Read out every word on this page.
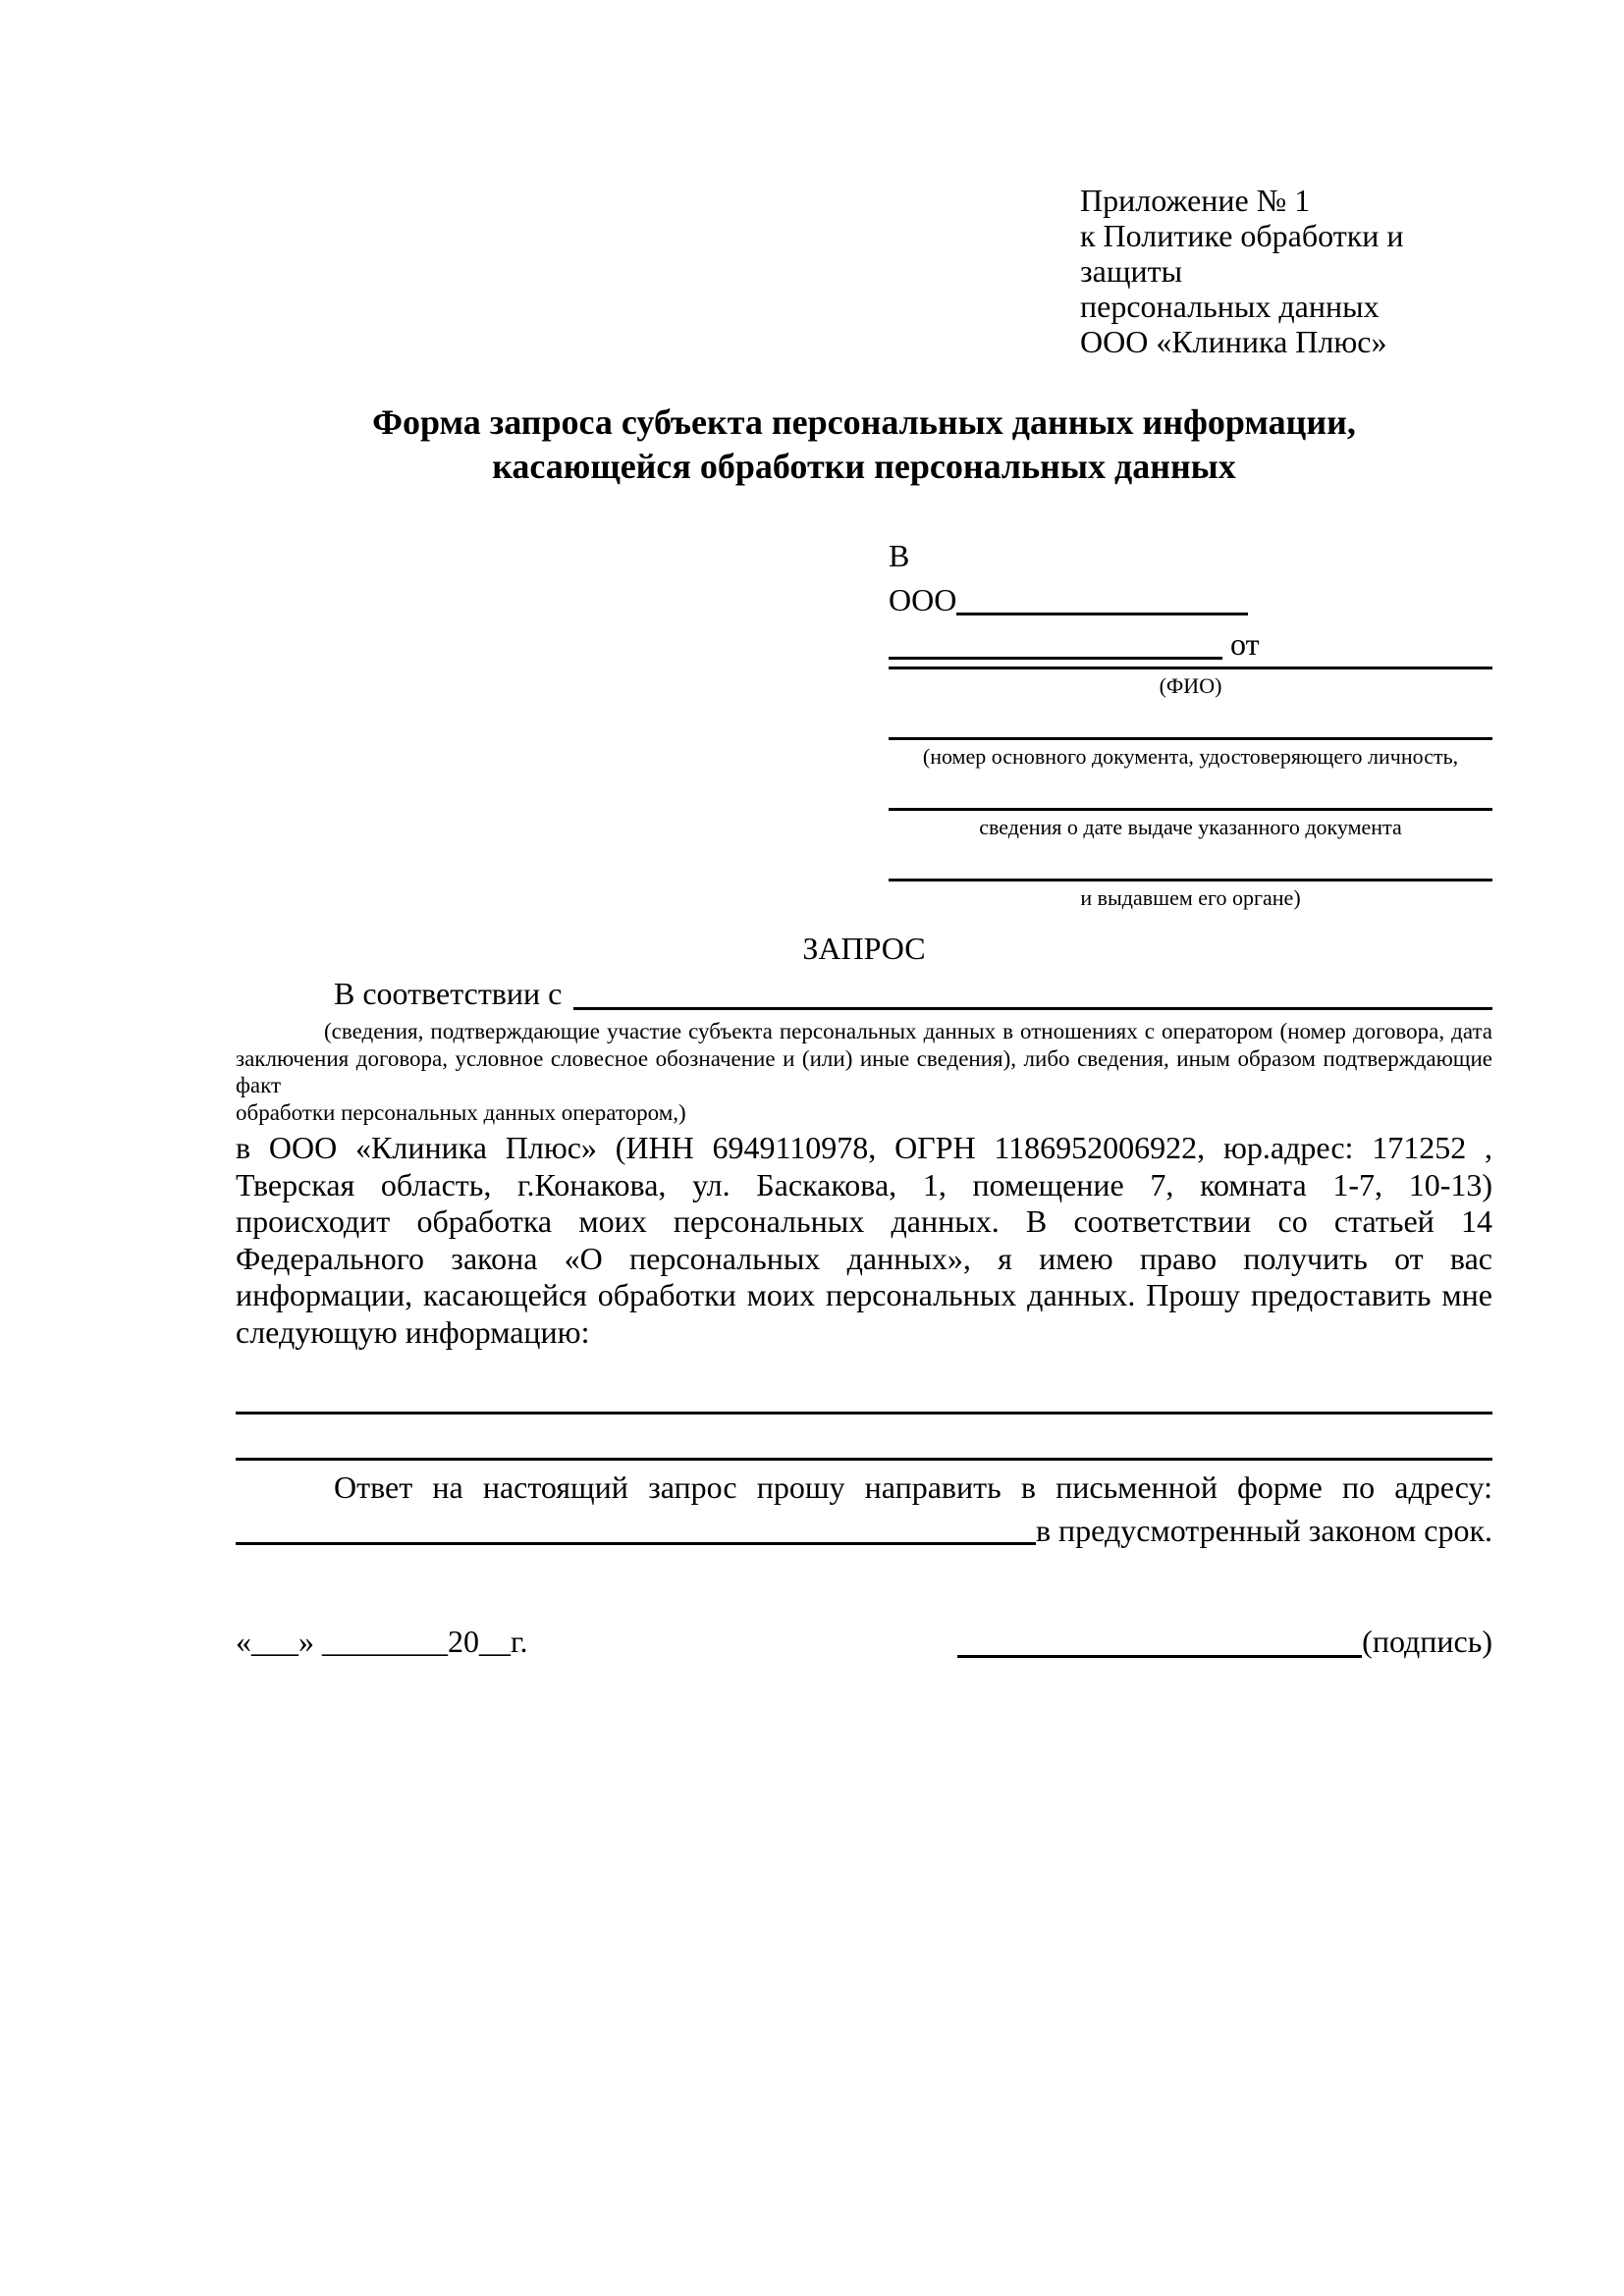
Приложение № 1
к Политике обработки и защиты
персональных данных
ООО «Клиника Плюс»
Форма запроса субъекта персональных данных информации,
касающейся обработки персональных данных
В
ООО
от
(ФИО)
(номер основного документа, удостоверяющего личность,
сведения о дате выдаче указанного документа
и выдавшем его органе)
ЗАПРОС
В соответствии с
(сведения, подтверждающие участие субъекта персональных данных в отношениях с оператором (номер договора, дата
заключения договора, условное словесное обозначение и (или) иные сведения), либо сведения, иным образом подтверждающие факт
обработки персональных данных оператором,)
в ООО «Клиника Плюс» (ИНН 6949110978, ОГРН 1186952006922, юр.адрес: 171252 ,
Тверская область, г.Конакова, ул. Баскакова, 1, помещение 7, комната 1-7, 10-13)
происходит обработка моих персональных данных. В соответствии со статьей 14
Федерального закона «О персональных данных», я имею право получить от вас
информации, касающейся обработки моих персональных данных. Прошу предоставить мне
следующую информацию:
Ответ на настоящий запрос прошу направить в письменной форме по адресу:
в предусмотренный законом срок.
«___» ________20__г.	(подпись)
